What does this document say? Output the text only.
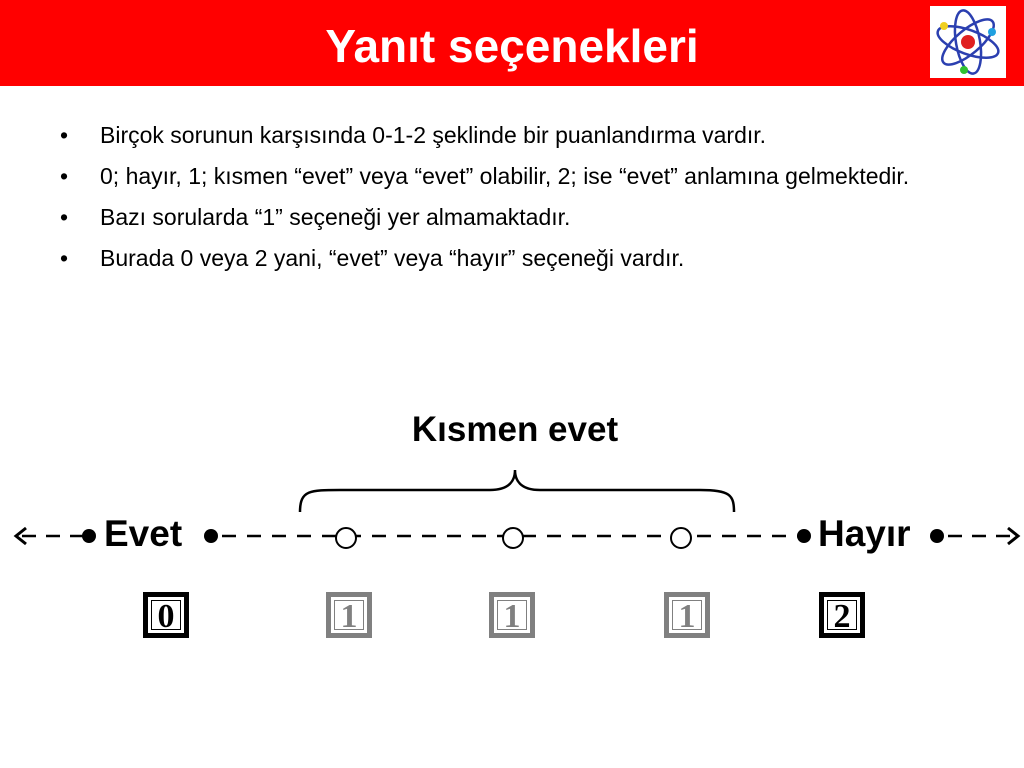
Yanıt seçenekleri
• Birçok sorunun karşısında 0-1-2 şeklinde bir puanlandırma vardır.
• 0; hayır, 1; kısmen “evet” veya “evet” olabilir, 2; ise “evet” anlamına gelmektedir.
• Bazı sorularda “1” seçeneği yer almamaktadır.
• Burada 0 veya 2 yani, “evet” veya “hayır” seçeneği vardır.
Kısmen evet
Evet	Hayır
0	1	1	1	2
